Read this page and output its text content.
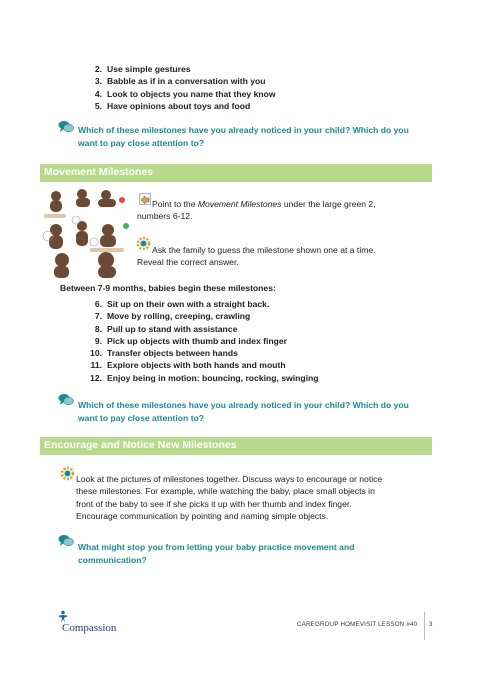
2. Use simple gestures
3. Babble as if in a conversation with you
4. Look to objects you name that they know
5. Have opinions about toys and food
Which of these milestones have you already noticed in your child? Which do you
want to pay close attention to?
Movement Milestones
Point to the Movement Milestones under the large green 2,
numbers 6-12.
Ask the family to guess the milestone shown one at a time.
Reveal the correct answer.
Between 7-9 months, babies begin these milestones:
6. Sit up on their own with a straight back.
7. Move by rolling, creeping, crawling
8. Pull up to stand with assistance
9. Pick up objects with thumb and index finger
10. Transfer objects between hands
11. Explore objects with both hands and mouth
12. Enjoy being in motion: bouncing, rocking, swinging
Which of these milestones have you already noticed in your child? Which do you
want to pay close attention to?
Encourage and Notice New Milestones
Look at the pictures of milestones together. Discuss ways to encourage or notice
these milestones. For example, while watching the baby, place small objects in
front of the baby to see if she picks it up with her thumb and index finger.
Encourage communication by pointing and naming simple objects.
What might stop you from letting your baby practice movement and
communication?
Compassion	CAREGROUP HOMEVISIT LESSON #40 3
